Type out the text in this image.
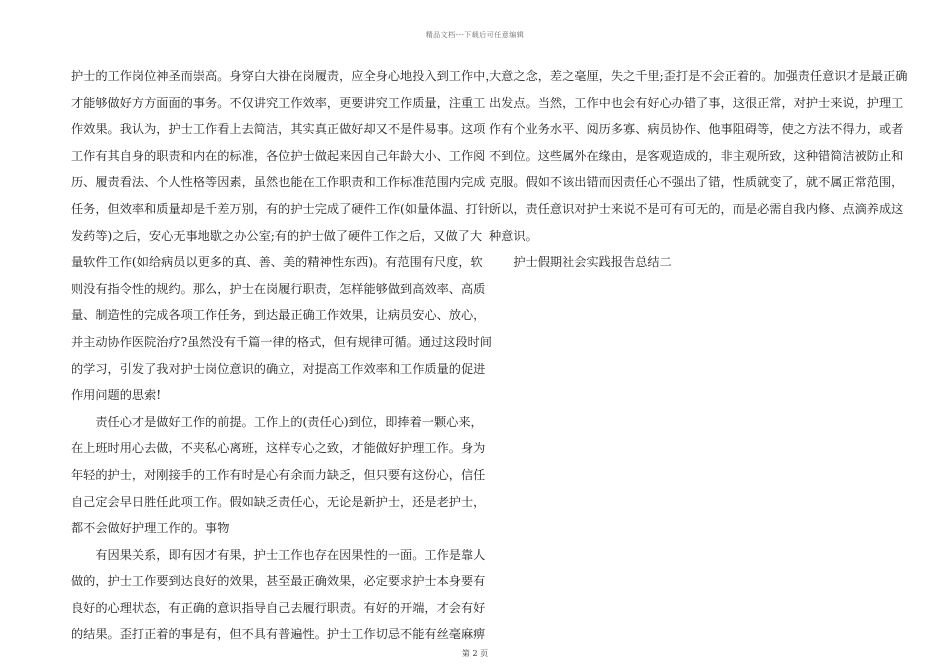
精品文档---下载后可任意编辑
护士的工作岗位神圣而崇高。身穿白大褂在岗履责，应全身心地投入到工作中，
才能够做好方方面面的事务。不仅讲究工作效率，更要讲究工作质量，注重工
作效果。我认为，护士工作看上去简洁，其实真正做好却又不是件易事。这项
工作有其自身的职责和内在的标准，各位护士做起来因自己年龄大小、工作阅
历、履责看法、个人性格等因素，虽然也能在工作职责和工作标准范围内完成
任务，但效率和质量却是千差万别，有的护士完成了硬件工作(如量体温、打针、
发药等)之后，安心无事地歇之办公室;有的护士做了硬件工作之后，又做了大
量软件工作(如给病员以更多的真、善、美的精神性东西)。有范围有尺度，软
则没有指令性的规约。那么，护士在岗履行职责，怎样能够做到高效率、高质
量、制造性的完成各项工作任务，到达最正确工作效果，让病员安心、放心，
并主动协作医院治疗?虽然没有千篇一律的格式，但有规律可循。通过这段时间
的学习，引发了我对护士岗位意识的确立，对提高工作效率和工作质量的促进
作用问题的思索!
　　责任心才是做好工作的前提。工作上的(责任心)到位，即捧着一颗心来，
在上班时用心去做，不夹私心离班，这样专心之致，才能做好护理工作。身为
年轻的护士，对刚接手的工作有时是心有余而力缺乏，但只要有这份心，信任
自己定会早日胜任此项工作。假如缺乏责任心，无论是新护士，还是老护士，
都不会做好护理工作的。事物
　　有因果关系，即有因才有果，护士工作也存在因果性的一面。工作是靠人
做的，护士工作要到达良好的效果，甚至最正确效果，必定要求护士本身要有
良好的心理状态，有正确的意识指导自己去履行职责。有好的开端，才会有好
的结果。歪打正着的事是有，但不具有普遍性。护士工作切忌不能有丝毫麻痹
大意之念，差之毫厘，失之千里;歪打是不会正着的。加强责任意识才是最正确
出发点。当然，工作中也会有好心办错了事，这很正常，对护士来说，护理工
作有个业务水平、阅历多寡、病员协作、他事阻碍等，使之方法不得力，或者
不到位。这些属外在缘由，是客观造成的，非主观所致，这种错简洁被防止和
克服。假如不该出错而因责任心不强出了错，性质就变了，就不属正常范围，
所以，责任意识对护士来说不是可有可无的，而是必需自我内修、点滴养成这
种意识。
　　护士假期社会实践报告总结二
第 2 页
